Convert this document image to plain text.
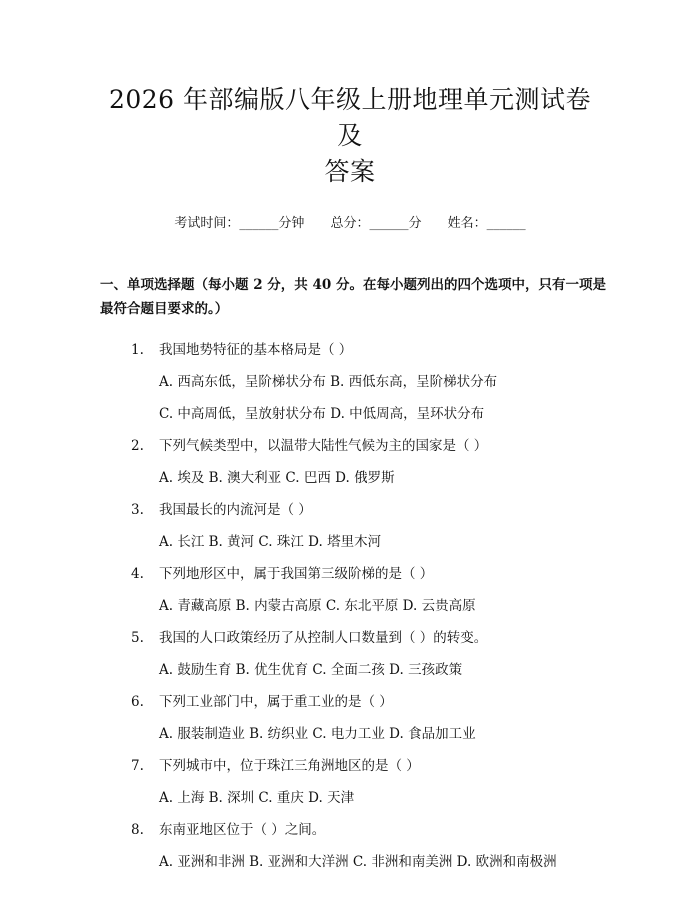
2026 年部编版八年级上册地理单元测试卷及
答案
考试时间：______分钟 总分：______分 姓名：______
一、单项选择题（每小题 2 分，共 40 分。在每小题列出的四个选项中，只有一项是最符合题目要求的。）
1. 我国地势特征的基本格局是（ ）
A. 西高东低，呈阶梯状分布 B. 西低东高，呈阶梯状分布
C. 中高周低，呈放射状分布 D. 中低周高，呈环状分布
2. 下列气候类型中，以温带大陆性气候为主的国家是（ ）
A. 埃及 B. 澳大利亚 C. 巴西 D. 俄罗斯
3. 我国最长的内流河是（ ）
A. 长江 B. 黄河 C. 珠江 D. 塔里木河
4. 下列地形区中，属于我国第三级阶梯的是（ ）
A. 青藏高原 B. 内蒙古高原 C. 东北平原 D. 云贵高原
5. 我国的人口政策经历了从控制人口数量到（ ）的转变。
A. 鼓励生育 B. 优生优育 C. 全面二孩 D. 三孩政策
6. 下列工业部门中，属于重工业的是（ ）
A. 服装制造业 B. 纺织业 C. 电力工业 D. 食品加工业
7. 下列城市中，位于珠江三角洲地区的是（ ）
A. 上海 B. 深圳 C. 重庆 D. 天津
8. 东南亚地区位于（ ）之间。
A. 亚洲和非洲 B. 亚洲和大洋洲 C. 非洲和南美洲 D. 欧洲和南极洲
